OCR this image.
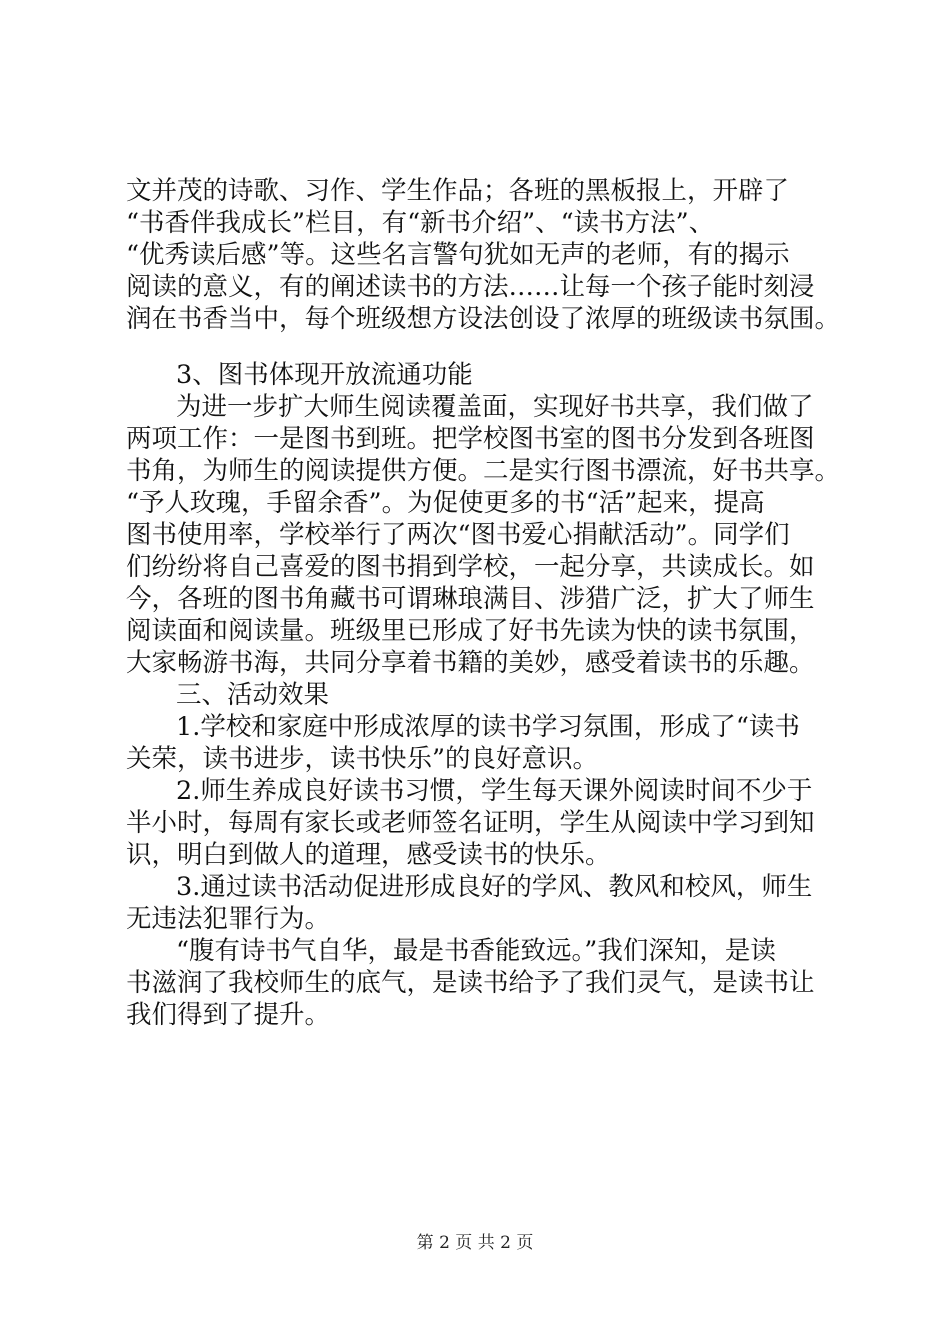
文并茂的诗歌、习作、学生作品；各班的黑板报上，开辟了
“书香伴我成长”栏目，有“新书介绍”、“读书方法”、
“优秀读后感”等。这些名言警句犹如无声的老师，有的揭示
阅读的意义，有的阐述读书的方法……让每一个孩子能时刻浸
润在书香当中，每个班级想方设法创设了浓厚的班级读书氛围。
3、图书体现开放流通功能
为进一步扩大师生阅读覆盖面，实现好书共享，我们做了
两项工作：一是图书到班。把学校图书室的图书分发到各班图
书角，为师生的阅读提供方便。二是实行图书漂流，好书共享。
“予人玫瑰，手留余香”。为促使更多的书“活”起来，提高
图书使用率，学校举行了两次“图书爱心捐献活动”。同学们
们纷纷将自己喜爱的图书捐到学校，一起分享，共读成长。如
今，各班的图书角藏书可谓琳琅满目、涉猎广泛，扩大了师生
阅读面和阅读量。班级里已形成了好书先读为快的读书氛围，
大家畅游书海，共同分享着书籍的美妙，感受着读书的乐趣。
三、活动效果
1.学校和家庭中形成浓厚的读书学习氛围，形成了“读书
关荣，读书进步，读书快乐”的良好意识。
2.师生养成良好读书习惯，学生每天课外阅读时间不少于
半小时，每周有家长或老师签名证明，学生从阅读中学习到知
识，明白到做人的道理，感受读书的快乐。
3.通过读书活动促进形成良好的学风、教风和校风，师生
无违法犯罪行为。
“腹有诗书气自华，最是书香能致远。”我们深知，是读
书滋润了我校师生的底气，是读书给予了我们灵气，是读书让
我们得到了提升。
第 2 页 共 2 页
